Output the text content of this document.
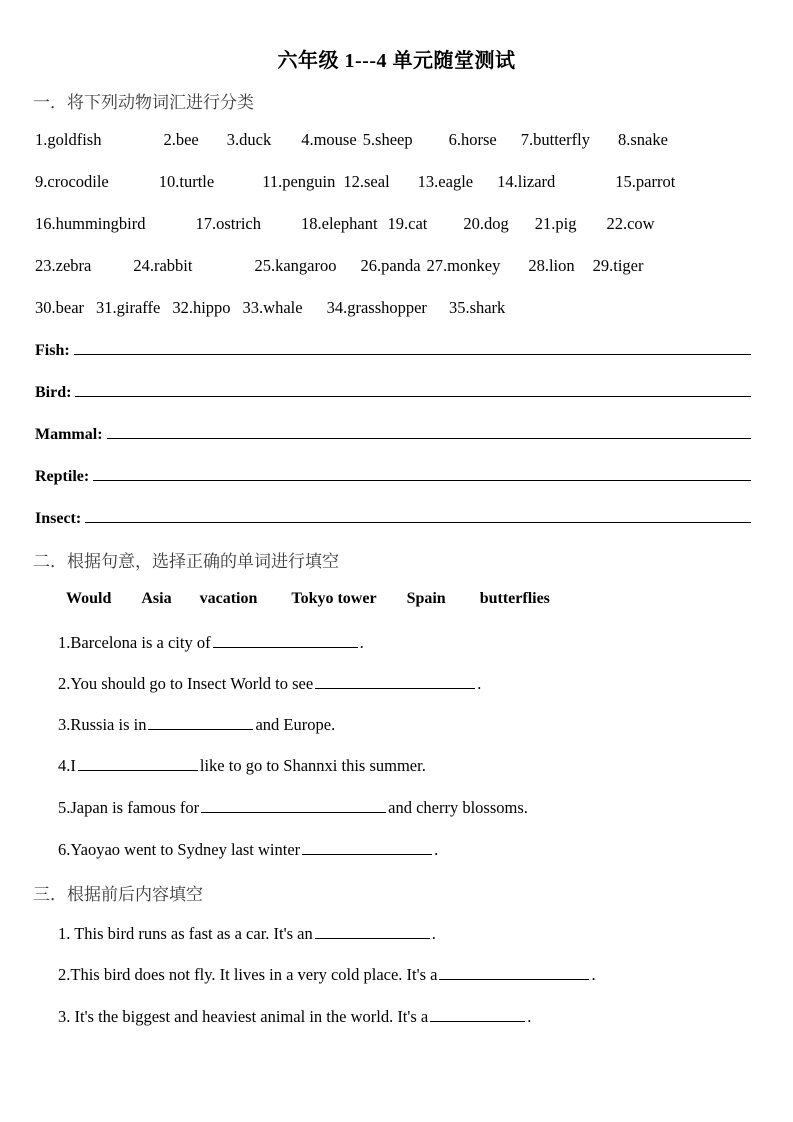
六年级 1---4 单元随堂测试
一．将下列动物词汇进行分类
1.goldfish	2.bee 3.duck 4.mouse 5.sheep 6.horse 7.butterfly 8.snake
9.crocodile	10.turtle	11.penguin 12.seal 13.eagle 14.lizard	15.parrot
16.hummingbird	17.ostrich 18.elephant 19.cat 20.dog 21.pig 22.cow
23.zebra	24.rabbit	25.kangaroo 26.panda 27.monkey 28.lion 29.tiger
30.bear 31.giraffe 32.hippo 33.whale 34.grasshopper 35.shark
Fish:
Bird:
Mammal:
Reptile:
Insect:
二．根据句意，选择正确的单词进行填空
Would Asia vacation Tokyo tower Spain butterflies
1.Barcelona is a city of	.
2.You should go to Insect World to see	.
3.Russia is in	and Europe.
4.I	like to go to Shannxi this summer.
5.Japan is famous for	and cherry blossoms.
6.Yaoyao went to Sydney last winter	.
三．根据前后内容填空
1. This bird runs as fast as a car. It's an	.
2.This bird does not fly. It lives in a very cold place. It's a	.
3. It's the biggest and heaviest animal in the world. It's a	.
